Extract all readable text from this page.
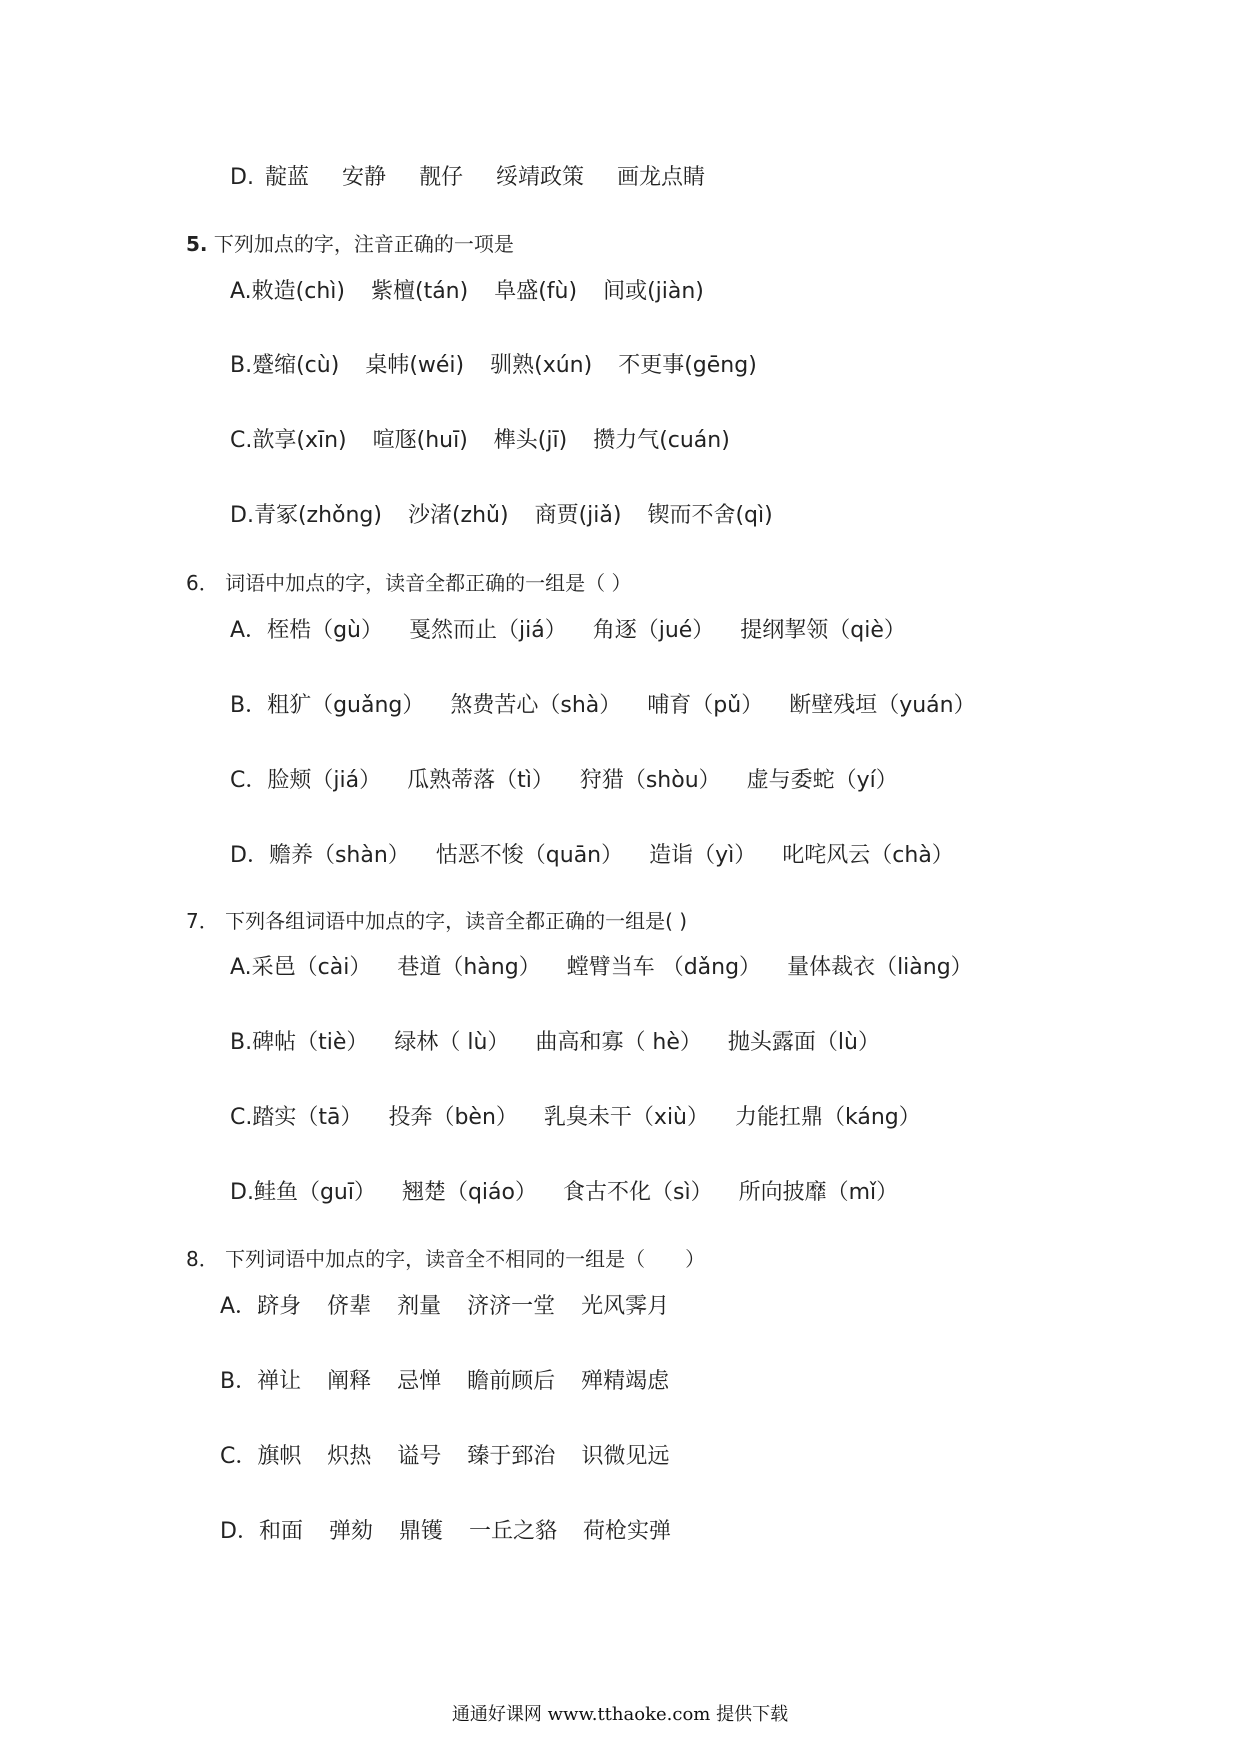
D. 靛蓝 安静 靓仔 绥靖政策 画龙点睛
5. 下列加点的字，注音正确的一项是
A.敕造(chì) 紫檀(tán) 阜盛(fù) 间或(jiàn)
B.蹙缩(cù) 桌帏(wéi) 驯熟(xún) 不更事(gēng)
C.歆享(xīn) 喧豗(huī) 榫头(jī) 攒力气(cuán)
D.青冢(zhǒng) 沙渚(zhǔ) 商贾(jiǎ) 锲而不舍(qì)
6． 词语中加点的字，读音全都正确的一组是（ ）
A．桎梏（gù） 戛然而止（jiá） 角逐（jué） 提纲挈领（qiè）
B．粗犷（guǎng） 煞费苦心（shà） 哺育（pǔ） 断壁残垣（yuán）
C．脸颊（jiá） 瓜熟蒂落（tì） 狩猎（shòu） 虚与委蛇（yí）
D．赡养（shàn） 怙恶不悛（quān） 造诣（yì） 叱咤风云（chà）
7． 下列各组词语中加点的字，读音全都正确的一组是( )
A.采邑（cài） 巷道（hàng） 螳臂当车 （dǎng） 量体裁衣（liàng）
B.碑帖（tiè） 绿林（ lù） 曲高和寡（ hè） 抛头露面（lù）
C.踏实（tā） 投奔（bèn） 乳臭未干（xiù） 力能扛鼎（káng）
D.鲑鱼（guī） 翘楚（qiáo） 食古不化（sì） 所向披靡（mǐ）
8． 下列词语中加点的字，读音全不相同的一组是（　　）
A．跻身 侪辈 剂量 济济一堂 光风霁月
B．禅让 阐释 忌惮 瞻前顾后 殚精竭虑
C．旗帜 炽热 谥号 臻于郅治 识微见远
D．和面 弹劾 鼎镬 一丘之貉 荷枪实弹
通通好课网 www.tthaoke.com 提供下载
